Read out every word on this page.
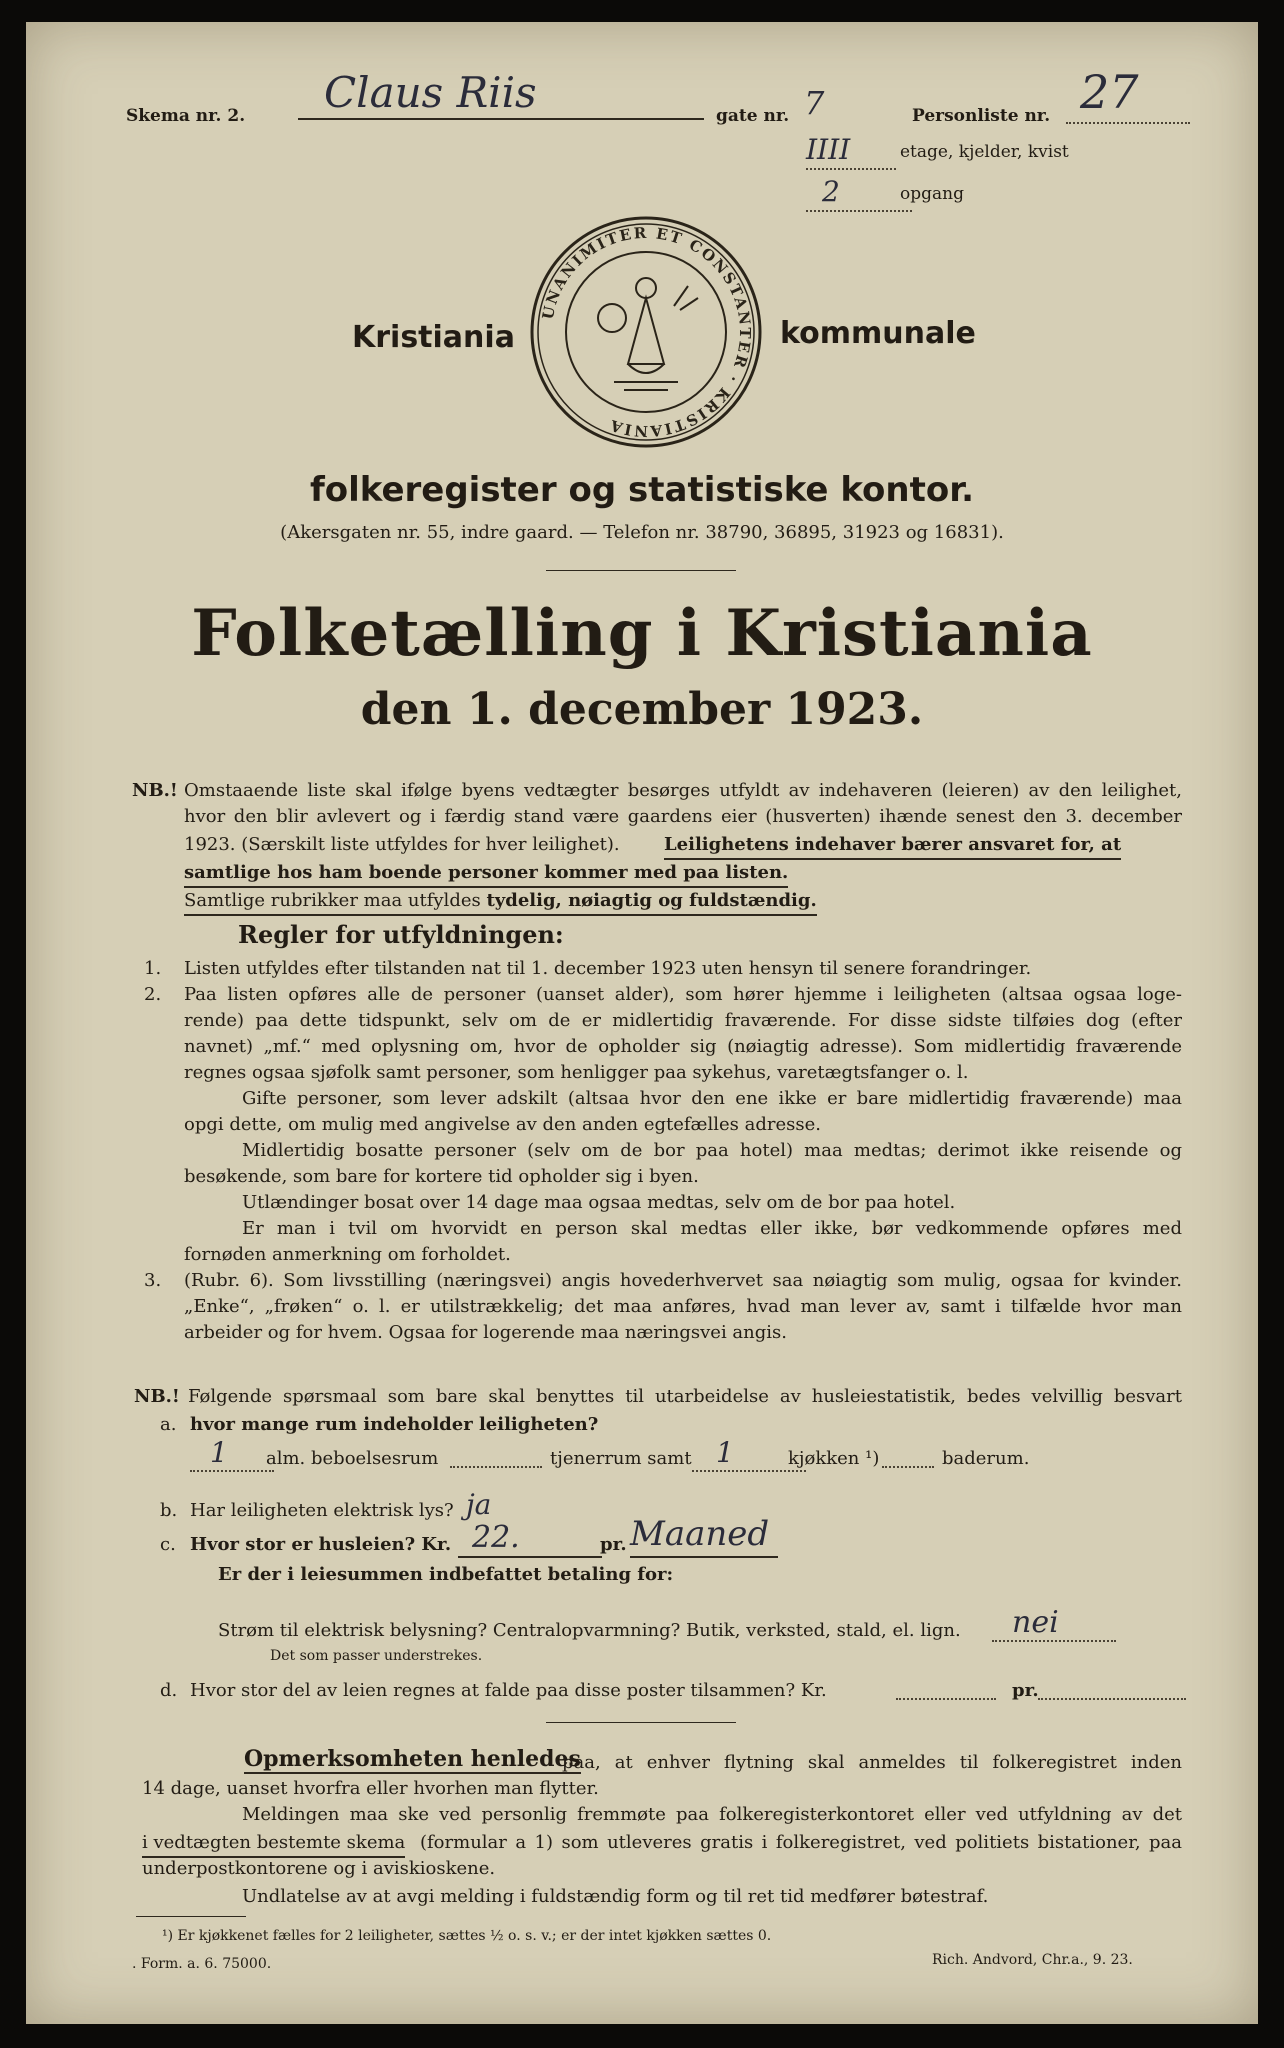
Skema nr. 2.	Claus Riis	gate nr. 7	Personliste nr. 27
IIII	etage, kjelder, kvist
2	opgang
Kristiania	kommunale
UNANIMITER ET CONSTANTER · KRISTIANIA
folkeregister og statistiske kontor.
(Akersgaten nr. 55, indre gaard. — Telefon nr. 38790, 36895, 31923 og 16831).
Folketælling i Kristiania
den 1. december 1923.
NB.! Omstaaende liste skal ifølge byens vedtægter besørges utfyldt av indehaveren (leieren) av den leilighet,
hvor den blir avlevert og i færdig stand være gaardens eier (husverten) ihænde senest den 3. december
1923. (Særskilt liste utfyldes for hver leilighet). Leilighetens indehaver bærer ansvaret for, at
samtlige hos ham boende personer kommer med paa listen.
Samtlige rubrikker maa utfyldes tydelig, nøiagtig og fuldstændig.
Regler for utfyldningen:
1. Listen utfyldes efter tilstanden nat til 1. december 1923 uten hensyn til senere forandringer.
2. Paa listen opføres alle de personer (uanset alder), som hører hjemme i leiligheten (altsaa ogsaa loge-
rende) paa dette tidspunkt, selv om de er midlertidig fraværende. For disse sidste tilføies dog (efter
navnet) „mf.“ med oplysning om, hvor de opholder sig (nøiagtig adresse). Som midlertidig fraværende
regnes ogsaa sjøfolk samt personer, som henligger paa sykehus, varetægtsfanger o. l.
Gifte personer, som lever adskilt (altsaa hvor den ene ikke er bare midlertidig fraværende) maa
opgi dette, om mulig med angivelse av den anden egtefælles adresse.
Midlertidig bosatte personer (selv om de bor paa hotel) maa medtas; derimot ikke reisende og
besøkende, som bare for kortere tid opholder sig i byen.
Utlændinger bosat over 14 dage maa ogsaa medtas, selv om de bor paa hotel.
Er man i tvil om hvorvidt en person skal medtas eller ikke, bør vedkommende opføres med
fornøden anmerkning om forholdet.
3. (Rubr. 6). Som livsstilling (næringsvei) angis hovederhvervet saa nøiagtig som mulig, ogsaa for kvinder.
„Enke“, „frøken“ o. l. er utilstrækkelig; det maa anføres, hvad man lever av, samt i tilfælde hvor man
arbeider og for hvem. Ogsaa for logerende maa næringsvei angis.
NB.! Følgende spørsmaal som bare skal benyttes til utarbeidelse av husleiestatistik, bedes velvillig besvart
a. hvor mange rum indeholder leiligheten?
1	alm. beboelsesrum	tjenerrum samt 1	kjøkken ¹)	baderum.
b. Har leiligheten elektrisk lys? ja
c. Hvor stor er husleien? Kr. 22.	pr. Maaned
Er der i leiesummen indbefattet betaling for:
Strøm til elektrisk belysning? Centralopvarmning? Butik, verksted, stald, el. lign.	nei
Det som passer understrekes.
d. Hvor stor del av leien regnes at falde paa disse poster tilsammen? Kr.	pr.
Opmerksomheten henledes
paa, at enhver flytning skal anmeldes til folkeregistret inden
14 dage, uanset hvorfra eller hvorhen man flytter.
Meldingen maa ske ved personlig fremmøte paa folkeregisterkontoret eller ved utfyldning av det
i vedtægten bestemte skema (formular a 1) som utleveres gratis i folkeregistret, ved politiets bistationer, paa
underpostkontorene og i aviskioskene.
Undlatelse av at avgi melding i fuldstændig form og til ret tid medfører bøtestraf.
¹) Er kjøkkenet fælles for 2 leiligheter, sættes ½ o. s. v.; er der intet kjøkken sættes 0.
. Form. a. 6. 75000.	Rich. Andvord, Chr.a., 9. 23.
